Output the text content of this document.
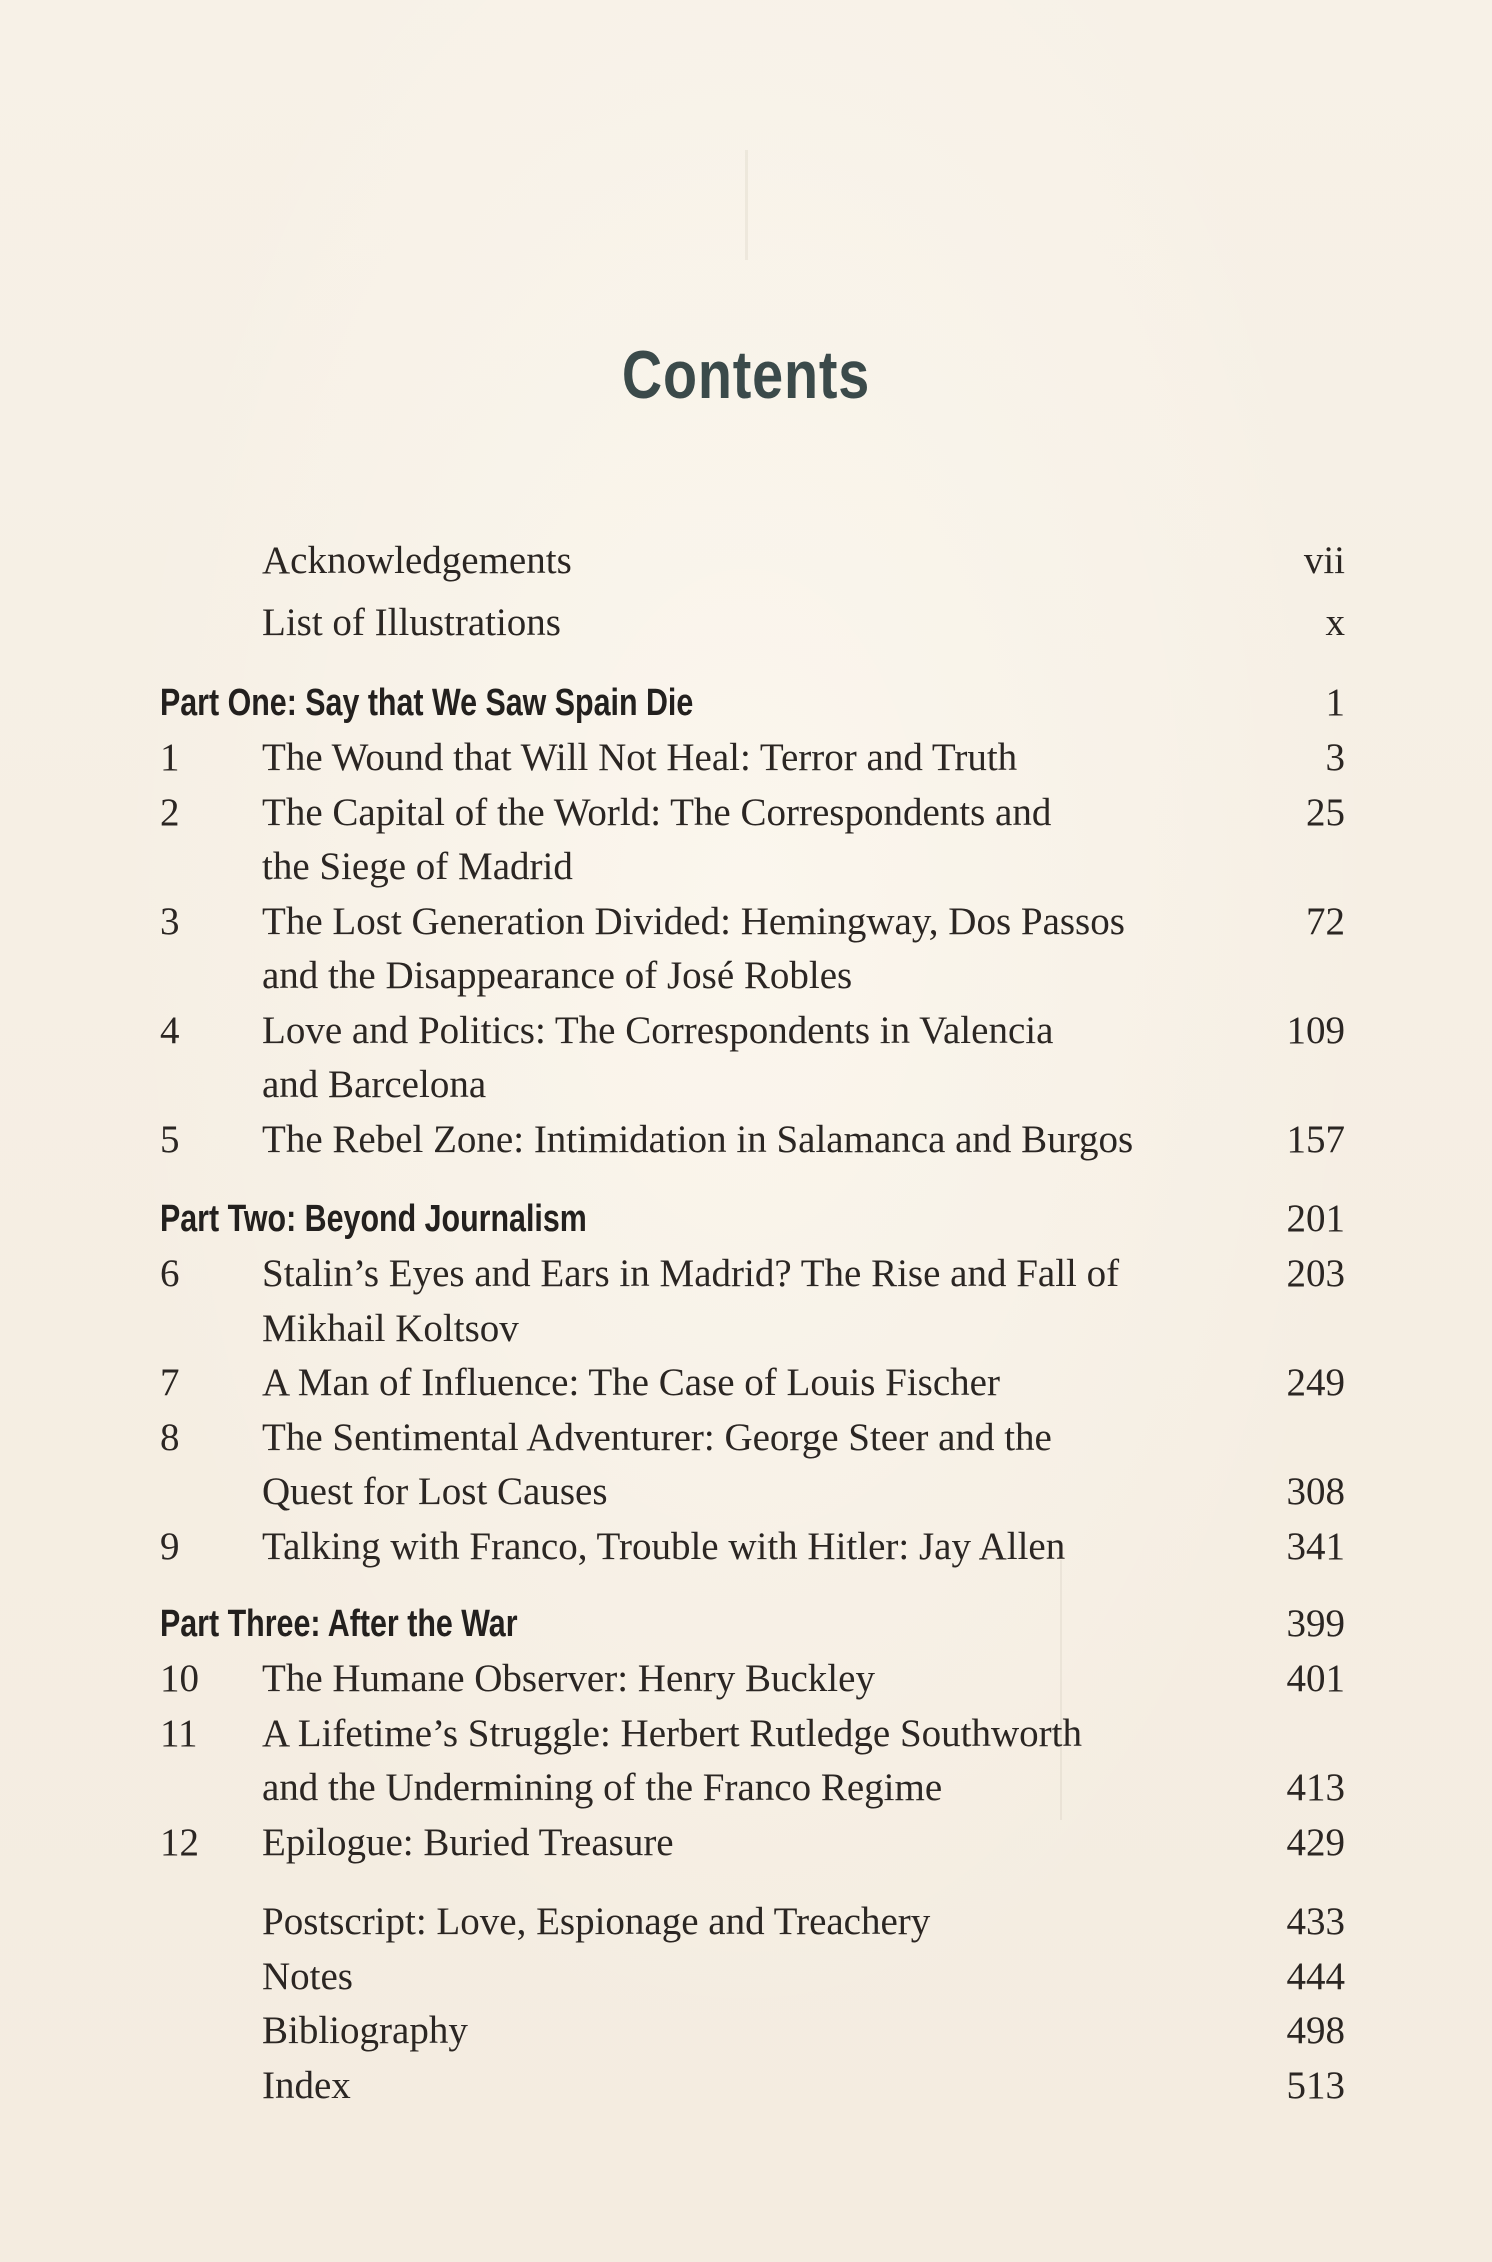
Contents
Acknowledgements	vii
List of Illustrations	x
Part One: Say that We Saw Spain Die	1
1 The Wound that Will Not Heal: Terror and Truth	3
2 The Capital of the World: The Correspondents and	25
the Siege of Madrid
3 The Lost Generation Divided: Hemingway, Dos Passos	72
and the Disappearance of José Robles
4 Love and Politics: The Correspondents in Valencia	109
and Barcelona
5 The Rebel Zone: Intimidation in Salamanca and Burgos	157
Part Two: Beyond Journalism	201
6 Stalin’s Eyes and Ears in Madrid? The Rise and Fall of	203
Mikhail Koltsov
7 A Man of Influence: The Case of Louis Fischer	249
8 The Sentimental Adventurer: George Steer and the
Quest for Lost Causes	308
9 Talking with Franco, Trouble with Hitler: Jay Allen	341
Part Three: After the War	399
10 The Humane Observer: Henry Buckley	401
11 A Lifetime’s Struggle: Herbert Rutledge Southworth
and the Undermining of the Franco Regime	413
12 Epilogue: Buried Treasure	429
Postscript: Love, Espionage and Treachery	433
Notes	444
Bibliography	498
Index	513
